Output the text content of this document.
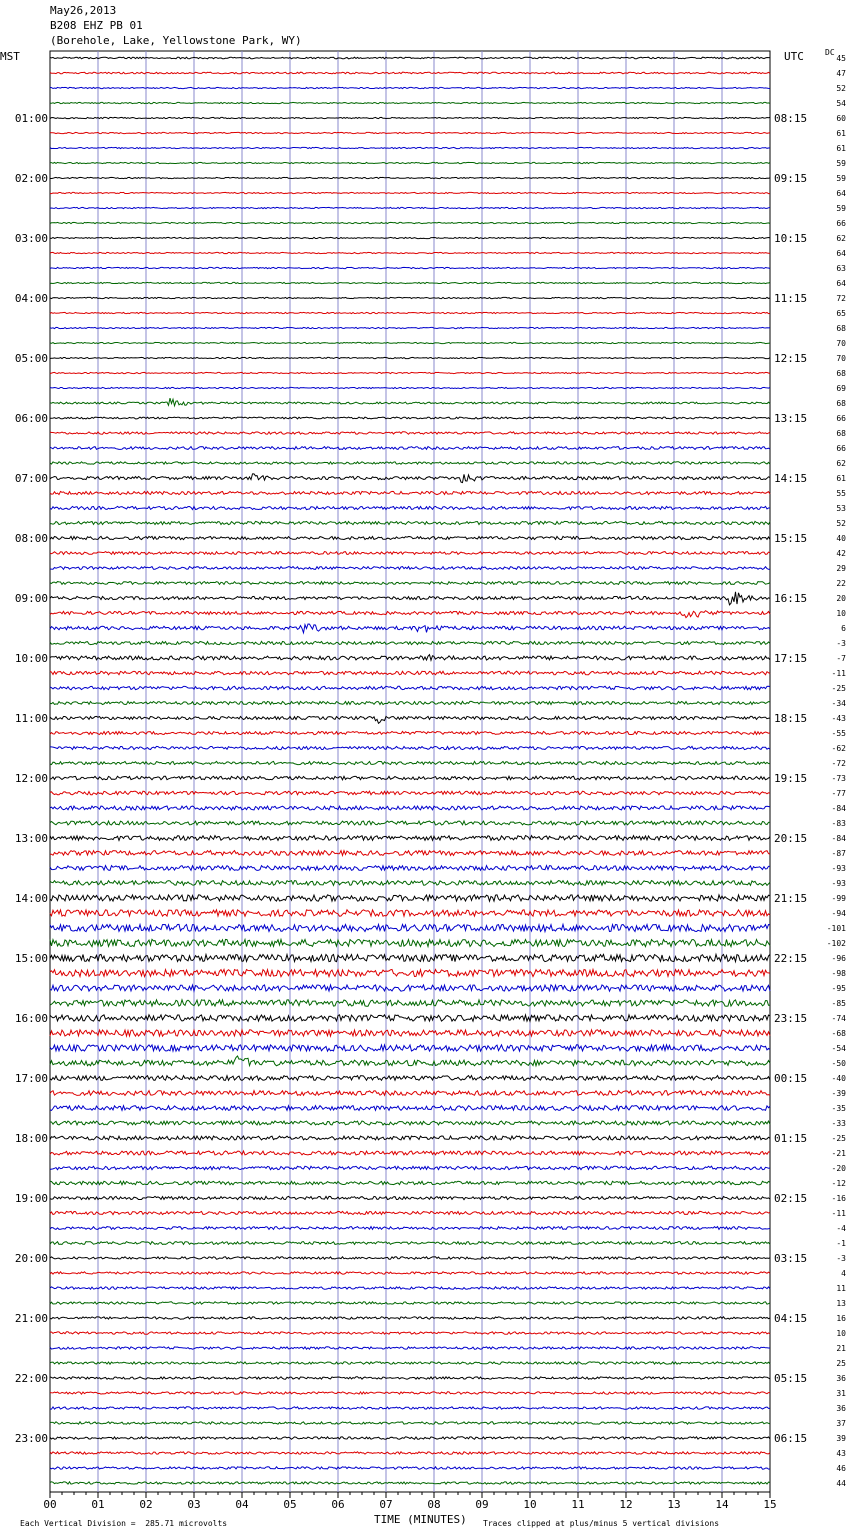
May26,2013
B208 EHZ PB 01
(Borehole, Lake, Yellowstone Park, WY)
MST	UTC	DC
00	01	02	03	04	05	06	07	08	09	10	11	12	13	14	15
45
47
52
54
60
61
61
59
59
64
59
66
62
64
63
64
72
65
68
70
70
68
69
68
66
68
66
62
61
55
53
52
40
42
29
22
20
10
6
-3
-7
-11
-25
-34
-43
-55
-62
-72
-73
-77
-84
-83
-84
-87
-93
-93
-99
-94
-101
-102
-96
-98
-95
-85
-74
-68
-54
-50
-40
-39
-35
-33
-25
-21
-20
-12
-16
-11
-4
-1
-3
4
11
13
16
10
21
25
36
31
36
37
39
43
46
44
01:00	08:15
02:00	09:15
03:00	10:15
04:00	11:15
05:00	12:15
06:00	13:15
07:00	14:15
08:00	15:15
09:00	16:15
10:00	17:15
11:00	18:15
12:00	19:15
13:00	20:15
14:00	21:15
15:00	22:15
16:00	23:15
17:00	00:15
18:00	01:15
19:00	02:15
20:00	03:15
21:00	04:15
22:00	05:15
23:00	06:15
Each Vertical Division =  285.71 microvolts	TIME (MINUTES) Traces clipped at plus/minus 5 vertical divisions
